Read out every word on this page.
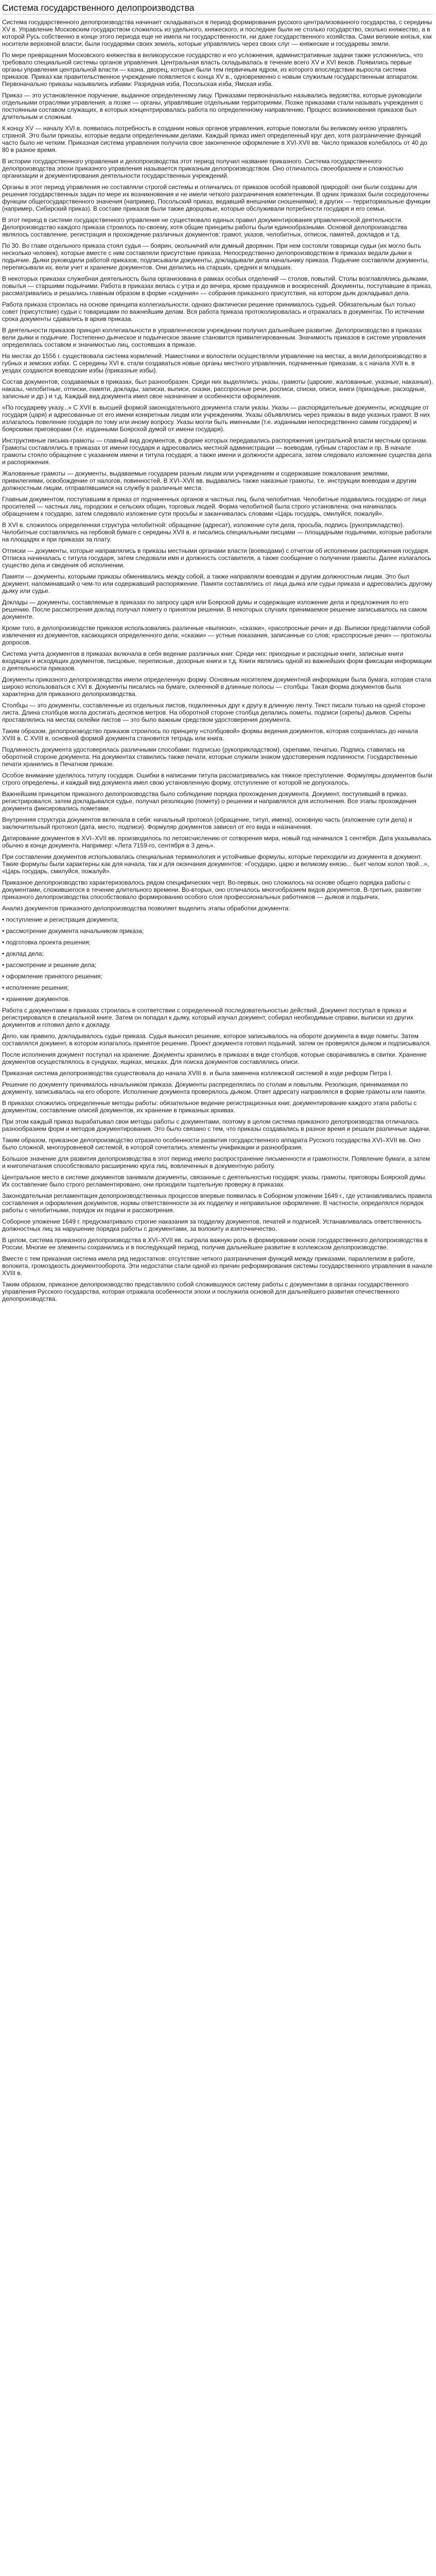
Система государственного делопроизводства

Система государственного делопроизводства начинает складываться в период формирования русского централизованного государства, с середины XV в. Управление Московским государством сложилось из удельного, княжеского, и последние были не столько государство, сколько княжество, а в которой Русь собственно в конце этого периода еще не имела ни государственности, ни даже государственного хозяйства. Сами великие князья, как носители верховной власти, были государями своих земель, которые управлялись через своих слуг — княжеские и государевы земли.

По мере превращения Московского княжества в великорусское государство и его усложнения, административные задачи также усложнялись, что требовало специальной системы органов управления. Центральная власть складывалась в течение всего XV и XVI веков. Появились первые органы управления центральной власти — казна, дворец, которые были тем первичным ядром, из которого впоследствии выросла система приказов. Приказ как правительственное учреждение появляется с конца XV в., одновременно с новым служилым государственным аппаратом. Первоначально приказы назывались избами: Разрядная изба, Посольская изба, Ямская изба.

Приказ — это установленное поручение, выданное определенному лицу. Приказами первоначально назывались ведомства, которые руководили отдельными отраслями управления, а позже — органы, управлявшие отдельными территориями. Позже приказами стали называть учреждения с постоянным составом служащих, в которых концентрировалась работа по определенному направлению. Процесс возникновения приказов был длительным и сложным.

К концу XV — началу XVI в. появилась потребность в создании новых органов управления, которые помогали бы великому князю управлять страной. Это были приказы, которые ведали определенными делами. Каждый приказ имел определенный круг дел, хотя разграничение функций часто было не четким. Приказная система управления получила свое законченное оформление в XVI-XVII вв. Число приказов колебалось от 40 до 80 в разное время.

В истории государственного управления и делопроизводства этот период получил название приказного. Система государственного делопроизводства эпохи приказного управления называется приказным делопроизводством. Оно отличалось своеобразием и сложностью организации и документирования деятельности государственных учреждений.

Органы в этот период управления не составляли строгой системы и отличались от приказов особой правовой природой: они были созданы для решения государственных задач по мере их возникновения и не имели четкого разграничения компетенции. В одних приказах были сосредоточены функции общегосударственного значения (например, Посольский приказ, ведавший внешними сношениями); в других — территориальные функции (например, Сибирский приказ). В составе приказов были также дворцовые, которые обслуживали потребности государя и его семьи.

В этот период в системе государственного управления не существовало единых правил документирования управленческой деятельности. Делопроизводство каждого приказа строилось по-своему, хотя общие принципы работы были единообразными. Основой делопроизводства являлось составление, регистрация и прохождение различных документов: грамот, указов, челобитных, отписок, памятей, докладов и т.д.

По 30. Во главе отдельного приказа стоял судья — боярин, окольничий или думный дворянин. При нем состояли товарищи судьи (их могло быть несколько человек), которые вместе с ним составляли присутствие приказа. Непосредственно делопроизводством в приказах ведали дьяки и подьячие. Дьяки руководили работой приказов, подписывали документы, докладывали дела начальнику приказа. Подьячие составляли документы, переписывали их, вели учет и хранение документов. Они делились на старших, средних и младших.

В некоторых приказах служебная деятельность была организована в рамках особых отделений — столов, повытий. Столы возглавлялись дьяками, повытья — старшими подьячими. Работа в приказах велась с утра и до вечера, кроме праздников и воскресений. Документы, поступавшие в приказ, рассматривались и решались главным образом в форме «сидения» — собрания приказного присутствия, на котором дьяк докладывал дела.

Работа приказа строилась на основе принципа коллегиальности, однако фактически решение принималось судьей. Обязательным был только совет (присутствие) судьи с товарищами по важнейшим делам. Вся работа приказа протоколировалась и отражалась в документах. По истечении срока документы сдавались в архив приказа.

В деятельности приказов принцип коллегиальности в управленческом учреждении получил дальнейшее развитие. Делопроизводство в приказах вели дьяки и подьячие. Постепенно дьяческое и подьяческое звание становится привилегированным. Значимость приказов в системе управления определялась составом и значимостью лиц, состоявших в приказе.

На местах до 1556 г. существовала система кормлений. Наместники и волостели осуществляли управление на местах, а вели делопроизводство в губных и земских избах. С середины XVI в. стали создаваться новые органы местного управления, подчиненные приказам, а с начала XVII в. в уездах создаются воеводские избы (приказные избы).

Состав документов, создаваемых в приказах, был разнообразен. Среди них выделялись: указы, грамоты (царские, жалованные, указные, наказные), наказы, челобитные, отписки, памяти, доклады, записки, выписи, сказки, расспросные речи, росписи, списки, описи, книги (приходные, расходные, записные и др.) и т.д. Каждый вид документа имел свое назначение и особенности оформления.

«По государеву указу...» С XVII в. высшей формой законодательного документа стали указы. Указы — распорядительные документы, исходящие от государя (царя) и адресованные от его имени конкретным лицам или учреждениям. Указы объявлялись через приказы в виде указных грамот. В них излагалось повеление государя по тому или иному вопросу. Указы могли быть именными (т.е. изданными непосредственно самим государем) и боярскими приговорами (т.е. изданными Боярской думой от имени государя).

Инструктивные письма-грамоты — главный вид документов, в форме которых передавались распоряжения центральной власти местным органам. Грамоты составлялись в приказах от имени государя и адресовались местной администрации — воеводам, губным старостам и пр. В начале грамоты стояло обращение с указанием имени и титула государя, а также имени и должности адресата, затем следовало изложение существа дела и распоряжения.

Жалованные грамоты — документы, выдаваемые государем разным лицам или учреждениям и содержавшие пожалования землями, привилегиями, освобождение от налогов, повинностей. В XVI–XVII вв. выдавались также наказные грамоты, т.е. инструкции воеводам и другим должностным лицам, отправлявшимся на службу в различные места.

Главным документом, поступавшим в приказ от подчиненных органов и частных лиц, была челобитная. Челобитные подавались государю от лица просителей — частных лиц, городских и сельских общин, торговых людей. Форма челобитной была строго установлена: она начиналась обращением к государю, затем следовало изложение сути просьбы и заканчивалась словами «Царь государь, смилуйся, пожалуй».

В XVI в. сложилось определенная структура челобитной: обращение (адресат), изложение сути дела, просьба, подпись (рукоприкладство). Челобитные составлялись на гербовой бумаге с середины XVII в. и писались специальными писцами — площадными подьячими, которые работали на площадях и при приказах за плату.

Отписки — документы, которые направлялись в приказы местными органами власти (воеводами) с отчетом об исполнении распоряжения государя. Отписка начиналась с титула государя, затем следовали имя и должность составителя, а также сообщение о получении грамоты. Далее излагалось существо дела и сведения об исполнении.

Памяти — документы, которыми приказы обменивались между собой, а также направляли воеводам и другим должностным лицам. Это был документ, напоминавший о чем-то или содержавший распоряжение. Памяти составлялись от лица дьяка или судьи приказа и адресовались другому дьяку или судье.

Доклады — документы, составляемые в приказах по запросу царя или Боярской думы и содержащие изложение дела и предложения по его решению. После рассмотрения доклад получал помету о принятом решении. В некоторых случаях принимаемое решение записывалось на самом документе.

Кроме того, в делопроизводстве приказов использовались различные «выписки», «сказки», «расспросные речи» и др. Выписки представляли собой извлечения из документов, касающихся определенного дела; «сказки» — устные показания, записанные со слов; «расспросные речи» — протоколы допросов.

Система учета документов в приказах включала в себя ведение различных книг. Среди них: приходные и расходные книги, записные книги входящих и исходящих документов, писцовые, переписные, дозорные книги и т.д. Книги являлись одной из важнейших форм фиксации информации о деятельности приказов.

Документы приказного делопроизводства имели определенную форму. Основным носителем документной информации была бумага, которая стала широко использоваться с XVI в. Документы писались на бумаге, склеенной в длинные полосы — столбцы. Такая форма документов была характерна для приказного делопроизводства.

Столбцы — это документы, составленные из отдельных листов, подклеенных друг к другу в длинную ленту. Текст писали только на одной стороне листа. Длина столбцов могла достигать десятков метров. На оборотной стороне столбца делались пометы, подписи (скрепы) дьяков. Скрепы проставлялись на местах склейки листов — это было важным средством удостоверения документа.

Таким образом, делопроизводство приказов строилось по принципу «столбцовой» формы ведения документов, которая сохранялась до начала XVIII в. С XVIII в. основной формой документа становится тетрадь или книга.

Подлинность документа удостоверялась различными способами: подписью (рукоприкладством), скрепами, печатью. Подпись ставилась на оборотной стороне документа. На документах ставились также печати, которые служили знаком удостоверения подлинности. Государственные печати хранились в Печатном приказе.

Особое внимание уделялось титулу государя. Ошибки в написании титула рассматривались как тяжкое преступление. Формуляры документов были строго определены, и каждый вид документа имел свою установленную форму, отступление от которой не допускалось.

Важнейшим принципом приказного делопроизводства было соблюдение порядка прохождения документа. Документ, поступивший в приказ, регистрировался, затем докладывался судье, получал резолюцию (помету) о решении и направлялся для исполнения. Все этапы прохождения документа фиксировались пометами.

Внутренняя структура документов включала в себя: начальный протокол (обращение, титул, имена), основную часть (изложение сути дела) и заключительный протокол (дата, место, подписи). Формуляр документов зависел от его вида и назначения.

Датирование документов в XVI–XVII вв. производилось по летоисчислению от сотворения мира, новый год начинался 1 сентября. Дата указывалась обычно в конце документа. Например: «Лета 7159-го, сентября в 3 день».

При составлении документов использовалась специальная терминология и устойчивые формулы, которые переходили из документа в документ. Такие формулы были характерны как для начала, так и для окончания документов: «Государю, царю и великому князю... бьет челом холоп твой...», «Царь государь, смилуйся, пожалуй».

Приказное делопроизводство характеризовалось рядом специфических черт. Во-первых, оно сложилось на основе общего порядка работы с документами, сложившегося в течение длительного времени. Во-вторых, оно отличалось многообразием видов документов. В-третьих, развитие приказного делопроизводства способствовало формированию особого слоя профессиональных работников — дьяков и подьячих.

Анализ документов приказного делопроизводства позволяет выделить этапы обработки документа:

• поступление и регистрация документа;

• рассмотрение документа начальником приказа;

• подготовка проекта решения;

• доклад дела;

• рассмотрение и решение дела;

• оформление принятого решения;

• исполнение решения;

• хранение документов.

Работа с документами в приказах строилась в соответствии с определенной последовательностью действий. Документ поступал в приказ и регистрировался в специальной книге. Затем он попадал к дьяку, который изучал документ, собирал необходимые справки, выписки из других документов и готовил дело к докладу.

Дело, как правило, докладывалось судье приказа. Судья выносил решение, которое записывалось на обороте документа в виде пометы. Затем составлялся документ, в котором излагалось принятое решение. Проект документа готовил подьячий, затем он проверялся дьяком и подписывался.

После исполнения документ поступал на хранение. Документы хранились в приказах в виде столбцов, которые сворачивались в свитки. Хранение документов осуществлялось в сундуках, ящиках, мешках. Для поиска документов составлялись описи.

Приказная система делопроизводства существовала до начала XVIII в. и была заменена коллежской системой в ходе реформ Петра I.

Решение по документу принималось начальником приказа. Документы распределялись по столам и повытьям. Резолюция, принимаемая по документу, записывалась на его обороте. Исполнение документа проверялось дьяком. Ответ адресату направлялся в форме грамоты или памяти.

В приказах сложились определенные методы работы: обязательное ведение регистрационных книг, документирование каждого этапа работы с документом, составление описей документов, их хранение в приказных архивах.

При этом каждый приказ вырабатывал свои методы работы с документами, поэтому в целом система приказного делопроизводства отличалась разнообразием форм и методов документирования. Это было связано с тем, что приказы создавались в разное время и решали различные задачи.

Таким образом, приказное делопроизводство отразило особенности развития государственного аппарата Русского государства XVI–XVII вв. Оно было сложной, многоуровневой системой, в которой сочетались элементы унификации и разнообразия.

Большое значение для развития делопроизводства в этот период имело распространение письменности и грамотности. Появление бумаги, а затем и книгопечатания способствовало расширению круга лиц, вовлеченных в документную работу.

Центральное место в системе документов занимали документы, связанные с деятельностью государя: указы, грамоты, приговоры Боярской думы. Их составление было строго регламентировано, они проходили тщательную проверку в приказах.

Законодательная регламентация делопроизводственных процессов впервые появилась в Соборном уложении 1649 г., где устанавливались правила составления и оформления документов, нормы ответственности за их подделку и неправильное оформление. В частности, определялся порядок работы с челобитными, порядок их подачи и рассмотрения.

Соборное уложение 1649 г. предусматривало строгие наказания за подделку документов, печатей и подписей. Устанавливалась ответственность должностных лиц за нарушение порядка работы с документами, за волокиту и взяточничество.

В целом, система приказного делопроизводства в XVI–XVII вв. сыграла важную роль в формировании основ государственного делопроизводства в России. Многие ее элементы сохранились и в последующий период, получив дальнейшее развитие в коллежском делопроизводстве.

Вместе с тем приказная система имела ряд недостатков: отсутствие четкого разграничения функций между приказами, параллелизм в работе, волокита, громоздкость документооборота. Эти недостатки стали одной из причин реформирования системы государственного управления в начале XVIII в.

Таким образом, приказное делопроизводство представляло собой сложившуюся систему работы с документами в органах государственного управления Русского государства, которая отражала особенности эпохи и послужила основой для дальнейшего развития отечественного делопроизводства.
